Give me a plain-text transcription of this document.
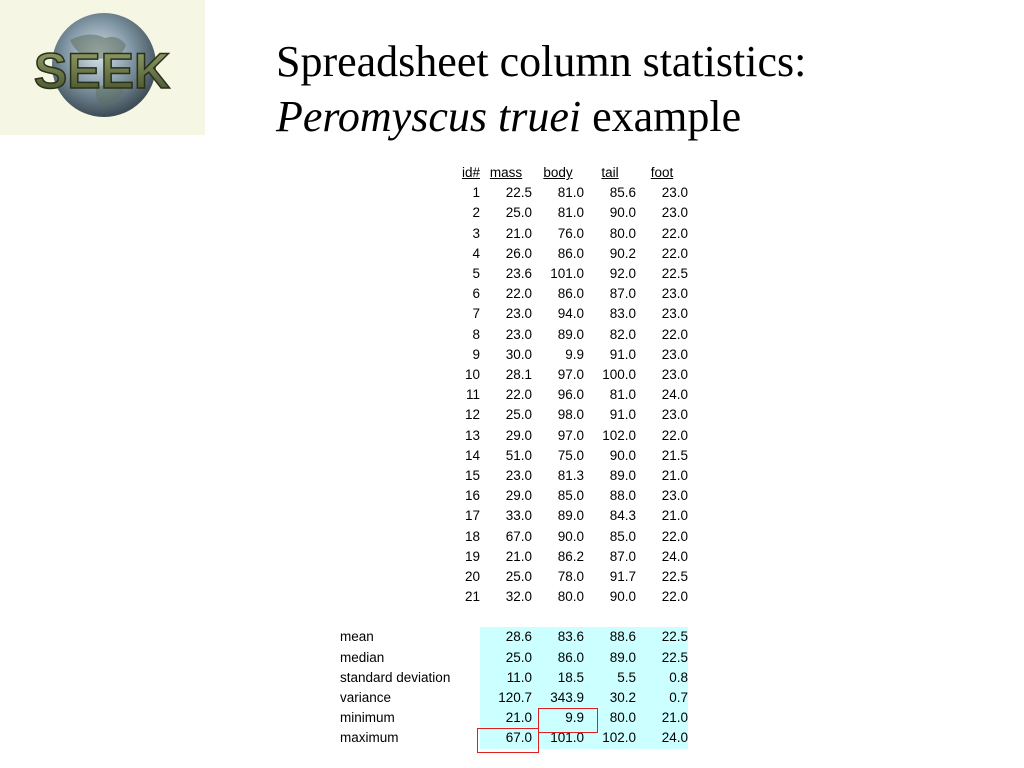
SEEK Spreadsheet column statistics:
Peromyscus truei example
id#	mass	body	tail	foot
1	22.5	81.0	85.6	23.0
2	25.0	81.0	90.0	23.0
3	21.0	76.0	80.0	22.0
4	26.0	86.0	90.2	22.0
5	23.6	101.0	92.0	22.5
6	22.0	86.0	87.0	23.0
7	23.0	94.0	83.0	23.0
8	23.0	89.0	82.0	22.0
9	30.0	9.9	91.0	23.0
10	28.1	97.0	100.0	23.0
11	22.0	96.0	81.0	24.0
12	25.0	98.0	91.0	23.0
13	29.0	97.0	102.0	22.0
14	51.0	75.0	90.0	21.5
15	23.0	81.3	89.0	21.0
16	29.0	85.0	88.0	23.0
17	33.0	89.0	84.3	21.0
18	67.0	90.0	85.0	22.0
19	21.0	86.2	87.0	24.0
20	25.0	78.0	91.7	22.5
21	32.0	80.0	90.0	22.0

mean	28.6	83.6	88.6	22.5
median	25.0	86.0	89.0	22.5
standard deviation	11.0	18.5	5.5	0.8
variance	120.7	343.9	30.2	0.7
minimum	21.0	9.9	80.0	21.0
maximum	67.0	101.0	102.0	24.0
